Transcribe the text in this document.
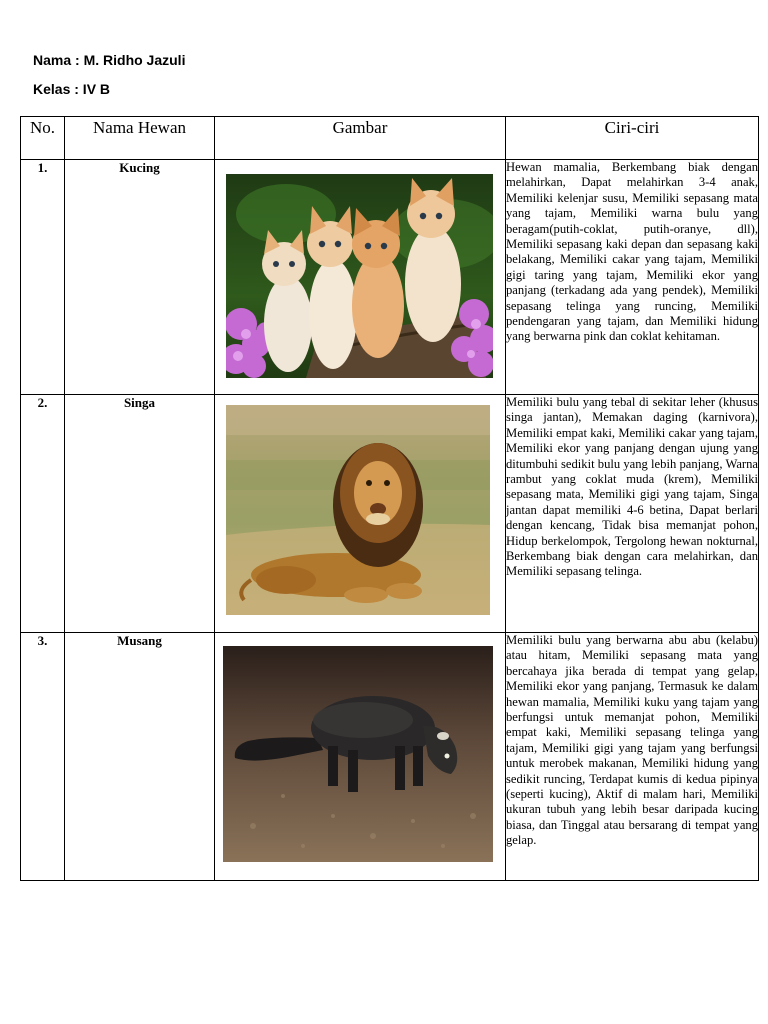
Nama : M. Ridho Jazuli
Kelas : IV B
No.	Nama Hewan	Gambar	Ciri-ciri
1.	Kucing		Hewan mamalia, Berkembang biak dengan melahirkan, Dapat melahirkan 3-4 anak, Memiliki kelenjar susu, Memiliki sepasang mata yang tajam, Memiliki warna bulu yang beragam(putih-coklat, putih-oranye, dll), Memiliki sepasang kaki depan dan sepasang kaki belakang, Memiliki cakar yang tajam, Memiliki gigi taring yang tajam, Memiliki ekor yang panjang (terkadang ada yang pendek), Memiliki sepasang telinga yang runcing, Memiliki pendengaran yang tajam, dan Memiliki hidung yang berwarna pink dan coklat kehitaman.
2.	Singa		Memiliki bulu yang tebal di sekitar leher (khusus singa jantan), Memakan daging (karnivora), Memiliki empat kaki, Memiliki cakar yang tajam, Memiliki ekor yang panjang dengan ujung yang ditumbuhi sedikit bulu yang lebih panjang, Warna rambut yang coklat muda (krem), Memiliki sepasang mata, Memiliki gigi yang tajam, Singa jantan dapat memiliki 4-6 betina, Dapat berlari dengan kencang, Tidak bisa memanjat pohon, Hidup berkelompok, Tergolong hewan nokturnal, Berkembang biak dengan cara melahirkan, dan Memiliki sepasang telinga.
3.	Musang		Memiliki bulu yang berwarna abu abu (kelabu) atau hitam, Memiliki sepasang mata yang bercahaya jika berada di tempat yang gelap, Memiliki ekor yang panjang, Termasuk ke dalam hewan mamalia, Memiliki kuku yang tajam yang berfungsi untuk memanjat pohon, Memiliki empat kaki, Memiliki sepasang telinga yang tajam, Memiliki gigi yang tajam yang berfungsi untuk merobek makanan, Memiliki hidung yang sedikit runcing, Terdapat kumis di kedua pipinya (seperti kucing), Aktif di malam hari, Memiliki ukuran tubuh yang lebih besar daripada kucing biasa, dan Tinggal atau bersarang di tempat yang gelap.
